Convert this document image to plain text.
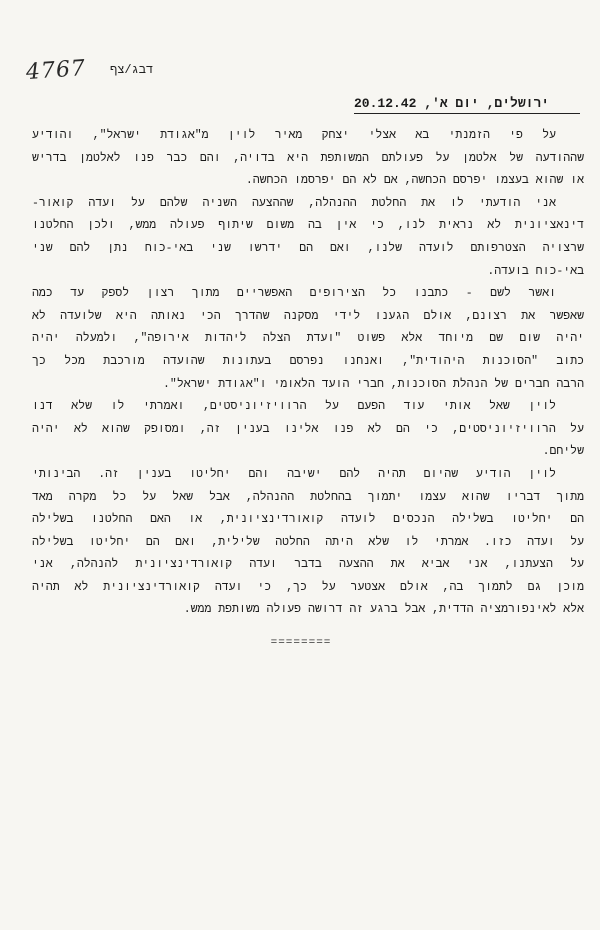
4767 דבג/צף
ירושלים, יום א', 20.12.42
על פי הזמנתי בא אצלי יצחק מאיר לוין מ"אגודת ישראל", והודיע
שההודעה של אלטמן על פעולתם המשותפת היא בדויה, והם כבר פנו לאלטמן בדריש
או שהוא בעצמו יפרסם הכחשה, אם לא הם יפרסמו הכחשה.
אני הודעתי לו את החלטת ההנהלה, שההצעה השניה שלהם על ועדה קואור-
דינאציונית לא נראית לנו, כי אין בה משום שיתוף פעולה ממש, ולכן החלטנו
שרצויה הצטרפותם לועדה שלנו, ואם הם ידרשו שני באי-כוח נתן להם שני
באי-כוח בועדה.
ואשר לשם - כתבנו כל הצירופים האפשריים מתוך רצון לספק עד כמה
שאפשר את רצונם, אולם הגענו לידי מסקנה שהדרך הכי נאותה היא שלועדה לא
יהיה שום שם מיוחד אלא פשוט "ועדת הצלה ליהדות אירופה", ולמעלה יהיה
כתוב "הסוכנות היהודית", ואנחנו נפרסם בעתונות שהועדה מורכבת מכל כך
הרבה חברים של הנהלת הסוכנות, חברי הועד הלאומי ו"אגודת ישראל".
לוין שאל אותי עוד הפעם על הרוויזיוניסטים, ואמרתי לו שלא דנו
על הרוויזיוניסטים, כי הם לא פנו אלינו בענין זה, ומסופק שהוא לא יהיה
שליחם.
לוין הודיע שהיום תהיה להם ישיבה והם יחליטו בענין זה. הבינותי
מתוך דבריו שהוא עצמו יתמוך בהחלטת ההנהלה, אבל שאל על כל מקרה מאד
הם יחליטו בשלילה הנכסים לועדה קואורדינציונית, או האם החלטנו בשלילה
על ועדה כזו. אמרתי לו שלא היתה החלטה שלילית, ואם הם יחליטו בשלילה
על הצעתנו, אני אביא את ההצעה בדבר ועדה קואורדינציונית להנהלה, אני
מוכן גם לתמוך בה, אולם אצטער על כך, כי ועדה קואורדינציונית לא תהיה
אלא לאינפורמציה הדדית, אבל ברגע זה דרושה פעולה משותפת ממש.
========
